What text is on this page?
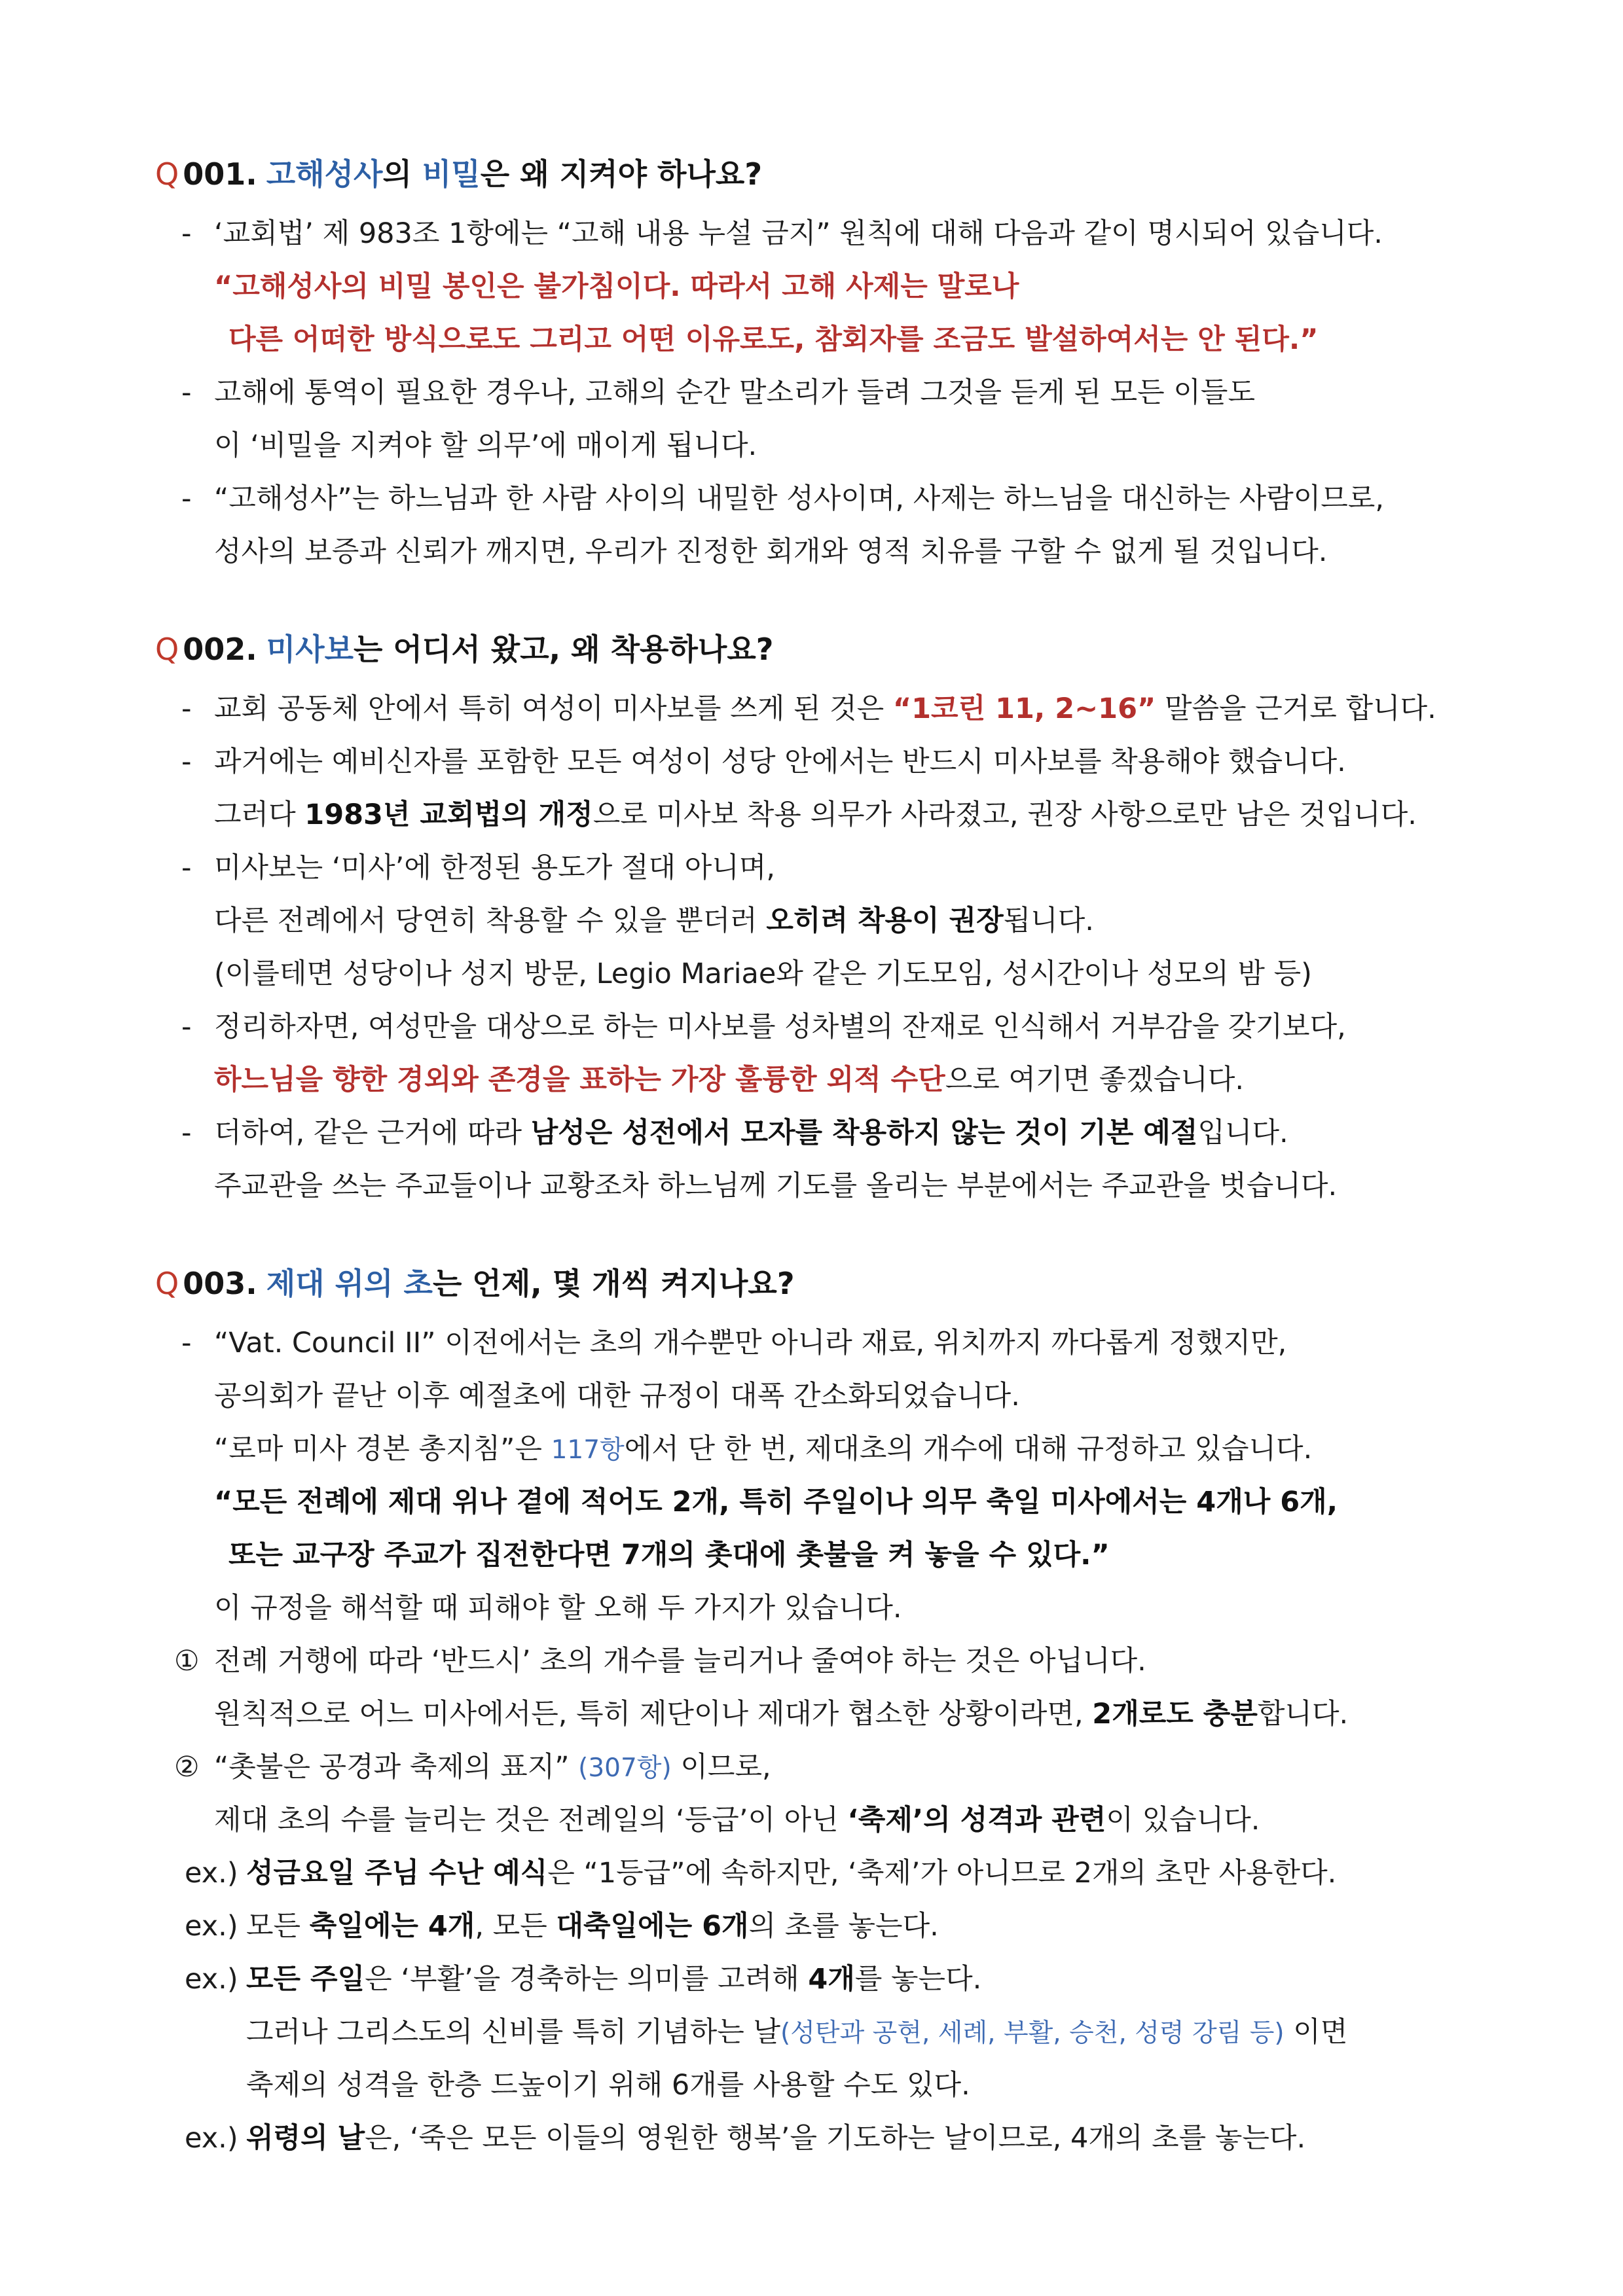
Q 001. 고해성사의 비밀은 왜 지켜야 하나요?
- ‘교회법’ 제 983조 1항에는 “고해 내용 누설 금지” 원칙에 대해 다음과 같이 명시되어 있습니다.
“고해성사의 비밀 봉인은 불가침이다. 따라서 고해 사제는 말로나
다른 어떠한 방식으로도 그리고 어떤 이유로도, 참회자를 조금도 발설하여서는 안 된다.”
- 고해에 통역이 필요한 경우나, 고해의 순간 말소리가 들려 그것을 듣게 된 모든 이들도
이 ‘비밀을 지켜야 할 의무’에 매이게 됩니다.
- “고해성사”는 하느님과 한 사람 사이의 내밀한 성사이며, 사제는 하느님을 대신하는 사람이므로,
성사의 보증과 신뢰가 깨지면, 우리가 진정한 회개와 영적 치유를 구할 수 없게 될 것입니다.
Q 002. 미사보는 어디서 왔고, 왜 착용하나요?
- 교회 공동체 안에서 특히 여성이 미사보를 쓰게 된 것은 “1코린 11, 2~16” 말씀을 근거로 합니다.
- 과거에는 예비신자를 포함한 모든 여성이 성당 안에서는 반드시 미사보를 착용해야 했습니다.
그러다 1983년 교회법의 개정으로 미사보 착용 의무가 사라졌고, 권장 사항으로만 남은 것입니다.
- 미사보는 ‘미사’에 한정된 용도가 절대 아니며,
다른 전례에서 당연히 착용할 수 있을 뿐더러 오히려 착용이 권장됩니다.
(이를테면 성당이나 성지 방문, Legio Mariae와 같은 기도모임, 성시간이나 성모의 밤 등)
- 정리하자면, 여성만을 대상으로 하는 미사보를 성차별의 잔재로 인식해서 거부감을 갖기보다,
하느님을 향한 경외와 존경을 표하는 가장 훌륭한 외적 수단으로 여기면 좋겠습니다.
- 더하여, 같은 근거에 따라 남성은 성전에서 모자를 착용하지 않는 것이 기본 예절입니다.
주교관을 쓰는 주교들이나 교황조차 하느님께 기도를 올리는 부분에서는 주교관을 벗습니다.
Q 003. 제대 위의 초는 언제, 몇 개씩 켜지나요?
- “Vat. Council II” 이전에서는 초의 개수뿐만 아니라 재료, 위치까지 까다롭게 정했지만,
공의회가 끝난 이후 예절초에 대한 규정이 대폭 간소화되었습니다.
“로마 미사 경본 총지침”은 117항에서 단 한 번, 제대초의 개수에 대해 규정하고 있습니다.
“모든 전례에 제대 위나 곁에 적어도 2개, 특히 주일이나 의무 축일 미사에서는 4개나 6개,
또는 교구장 주교가 집전한다면 7개의 촛대에 촛불을 켜 놓을 수 있다.”
이 규정을 해석할 때 피해야 할 오해 두 가지가 있습니다.
① 전례 거행에 따라 ‘반드시’ 초의 개수를 늘리거나 줄여야 하는 것은 아닙니다.
원칙적으로 어느 미사에서든, 특히 제단이나 제대가 협소한 상황이라면, 2개로도 충분합니다.
② “촛불은 공경과 축제의 표지” (307항) 이므로,
제대 초의 수를 늘리는 것은 전례일의 ‘등급’이 아닌 ‘축제’의 성격과 관련이 있습니다.
ex.) 성금요일 주님 수난 예식은 “1등급”에 속하지만, ‘축제’가 아니므로 2개의 초만 사용한다.
ex.) 모든 축일에는 4개, 모든 대축일에는 6개의 초를 놓는다.
ex.) 모든 주일은 ‘부활’을 경축하는 의미를 고려해 4개를 놓는다.
그러나 그리스도의 신비를 특히 기념하는 날(성탄과 공현, 세례, 부활, 승천, 성령 강림 등) 이면
축제의 성격을 한층 드높이기 위해 6개를 사용할 수도 있다.
ex.) 위령의 날은, ‘죽은 모든 이들의 영원한 행복’을 기도하는 날이므로, 4개의 초를 놓는다.
